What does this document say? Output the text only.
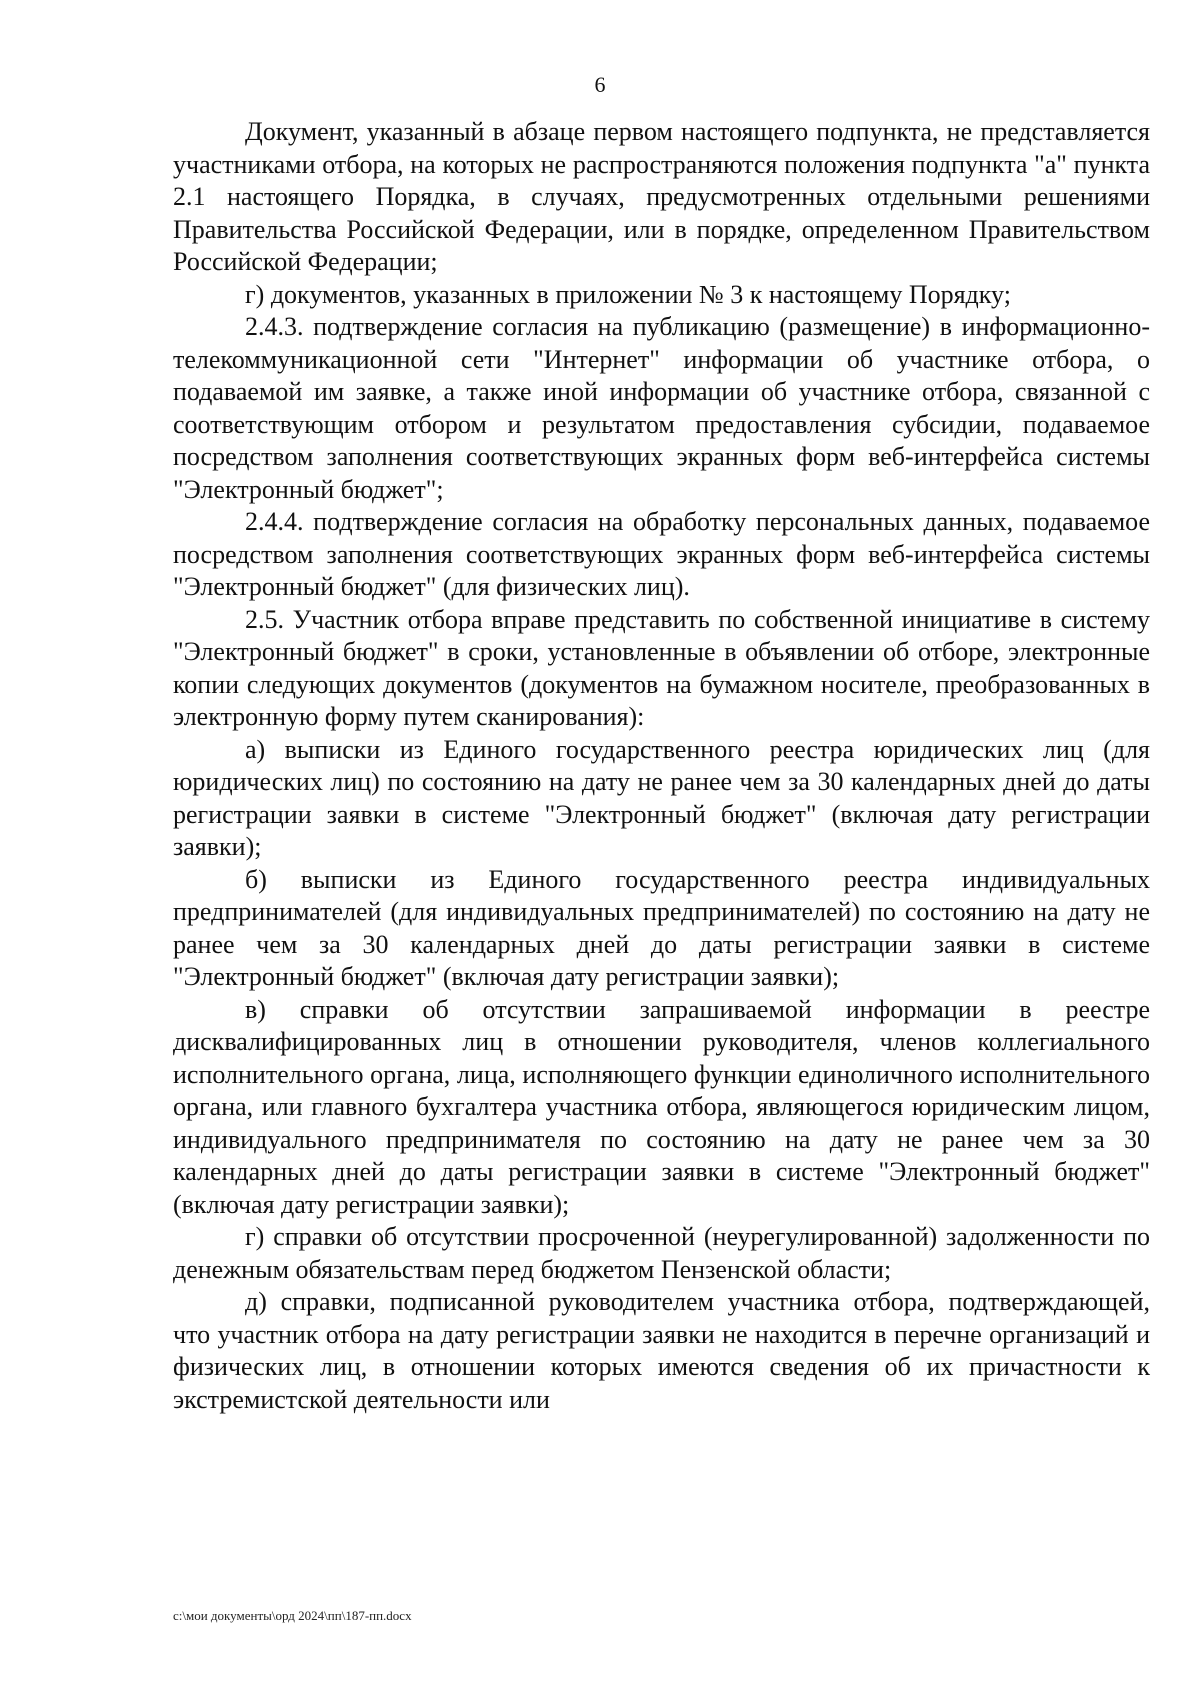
6

Документ, указанный в абзаце первом настоящего подпункта, не представляется участниками отбора, на которых не распространяются положения подпункта "а" пункта 2.1 настоящего Порядка, в случаях, предусмотренных отдельными решениями Правительства Российской Федерации, или в порядке, определенном Правительством Российской Федерации;

г) документов, указанных в приложении № 3 к настоящему Порядку;

2.4.3. подтверждение согласия на публикацию (размещение) в информационно-телекоммуникационной сети "Интернет" информации об участнике отбора, о подаваемой им заявке, а также иной информации об участнике отбора, связанной с соответствующим отбором и результатом предоставления субсидии, подаваемое посредством заполнения соответствующих экранных форм веб-интерфейса системы "Электронный бюджет";

2.4.4. подтверждение согласия на обработку персональных данных, подаваемое посредством заполнения соответствующих экранных форм веб-интерфейса системы "Электронный бюджет" (для физических лиц).

2.5. Участник отбора вправе представить по собственной инициативе в систему "Электронный бюджет" в сроки, установленные в объявлении об отборе, электронные копии следующих документов (документов на бумажном носителе, преобразованных в электронную форму путем сканирования):

а) выписки из Единого государственного реестра юридических лиц (для юридических лиц) по состоянию на дату не ранее чем за 30 календарных дней до даты регистрации заявки в системе "Электронный бюджет" (включая дату регистрации заявки);

б) выписки из Единого государственного реестра индивидуальных предпринимателей (для индивидуальных предпринимателей) по состоянию на дату не ранее чем за 30 календарных дней до даты регистрации заявки в системе "Электронный бюджет" (включая дату регистрации заявки);

в) справки об отсутствии запрашиваемой информации в реестре дисквалифицированных лиц в отношении руководителя, членов коллегиального исполнительного органа, лица, исполняющего функции единоличного исполнительного органа, или главного бухгалтера участника отбора, являющегося юридическим лицом, индивидуального предпринимателя по состоянию на дату не ранее чем за 30 календарных дней до даты регистрации заявки в системе "Электронный бюджет" (включая дату регистрации заявки);

г) справки об отсутствии просроченной (неурегулированной) задолженности по денежным обязательствам перед бюджетом Пензенской области;

д) справки, подписанной руководителем участника отбора, подтверждающей, что участник отбора на дату регистрации заявки не находится в перечне организаций и физических лиц, в отношении которых имеются сведения об их причастности к экстремистской деятельности или

c:\мои документы\орд 2024\пп\187-пп.docx
